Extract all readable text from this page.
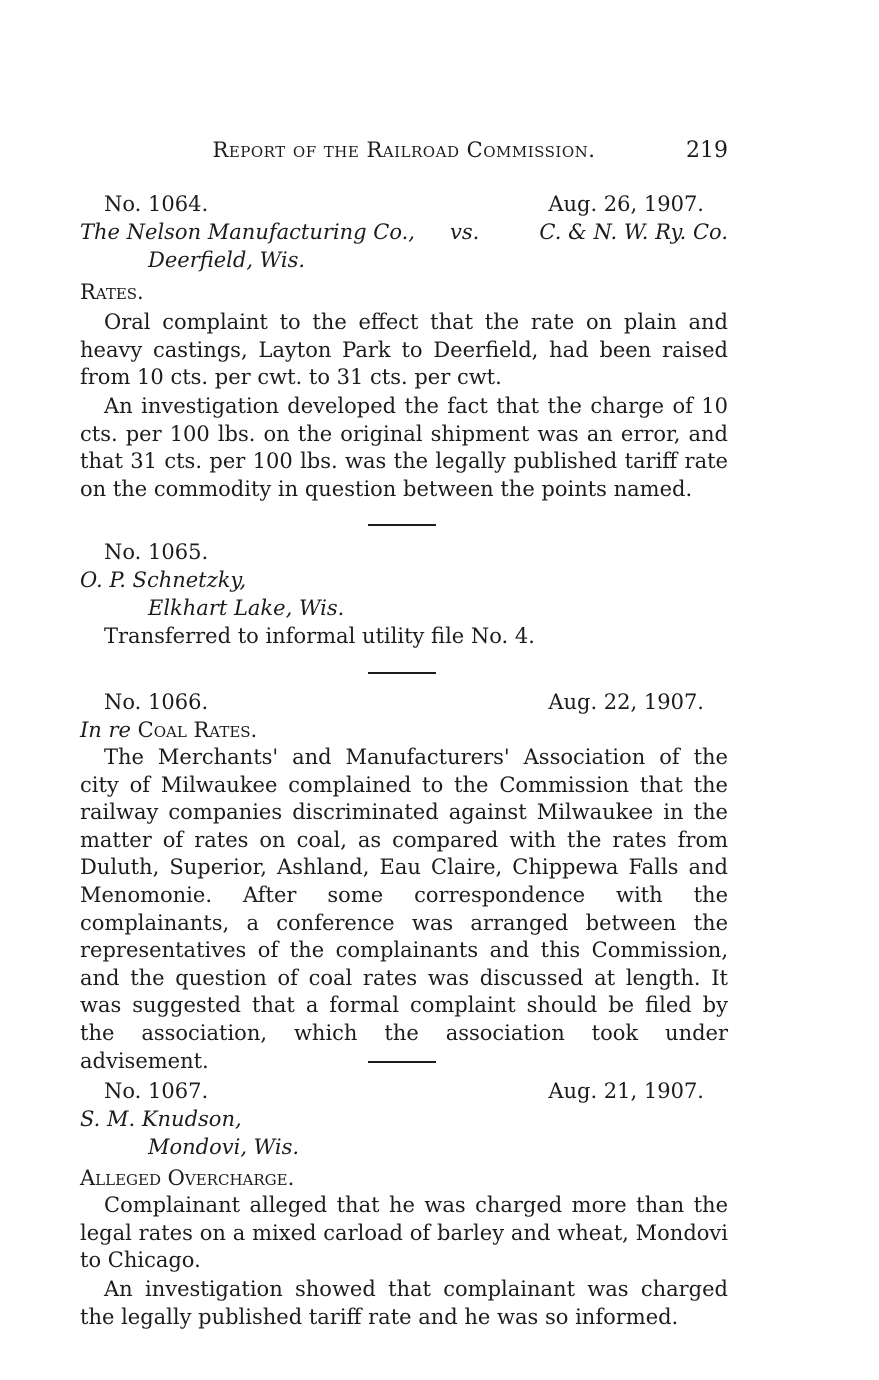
Report of the Railroad Commission.	219
No. 1064.	Aug. 26, 1907.
The Nelson Manufacturing Co., vs.	C. & N. W. Ry. Co.
Deerfield, Wis.
Rates.

Oral complaint to the effect that the rate on plain and heavy castings, Layton Park to Deerfield, had been raised from 10 cts. per cwt. to 31 cts. per cwt.

An investigation developed the fact that the charge of 10 cts. per 100 lbs. on the original shipment was an error, and that 31 cts. per 100 lbs. was the legally published tariff rate on the commodity in question between the points named.

No. 1065.
O. P. Schnetzky,
Elkhart Lake, Wis.
Transferred to informal utility file No. 4.
No. 1066.	Aug. 22, 1907.
In re Coal Rates.

The Merchants' and Manufacturers' Association of the city of Milwaukee complained to the Commission that the railway companies discriminated against Milwaukee in the matter of rates on coal, as compared with the rates from Duluth, Superior, Ashland, Eau Claire, Chippewa Falls and Menomonie. After some correspondence with the complainants, a conference was arranged between the representatives of the complainants and this Commission, and the question of coal rates was discussed at length. It was suggested that a formal complaint should be filed by the association, which the association took under advisement.

No. 1067.	Aug. 21, 1907.
S. M. Knudson,
Mondovi, Wis.
Alleged Overcharge.

Complainant alleged that he was charged more than the legal rates on a mixed carload of barley and wheat, Mondovi to Chicago.

An investigation showed that complainant was charged the legally published tariff rate and he was so informed.
